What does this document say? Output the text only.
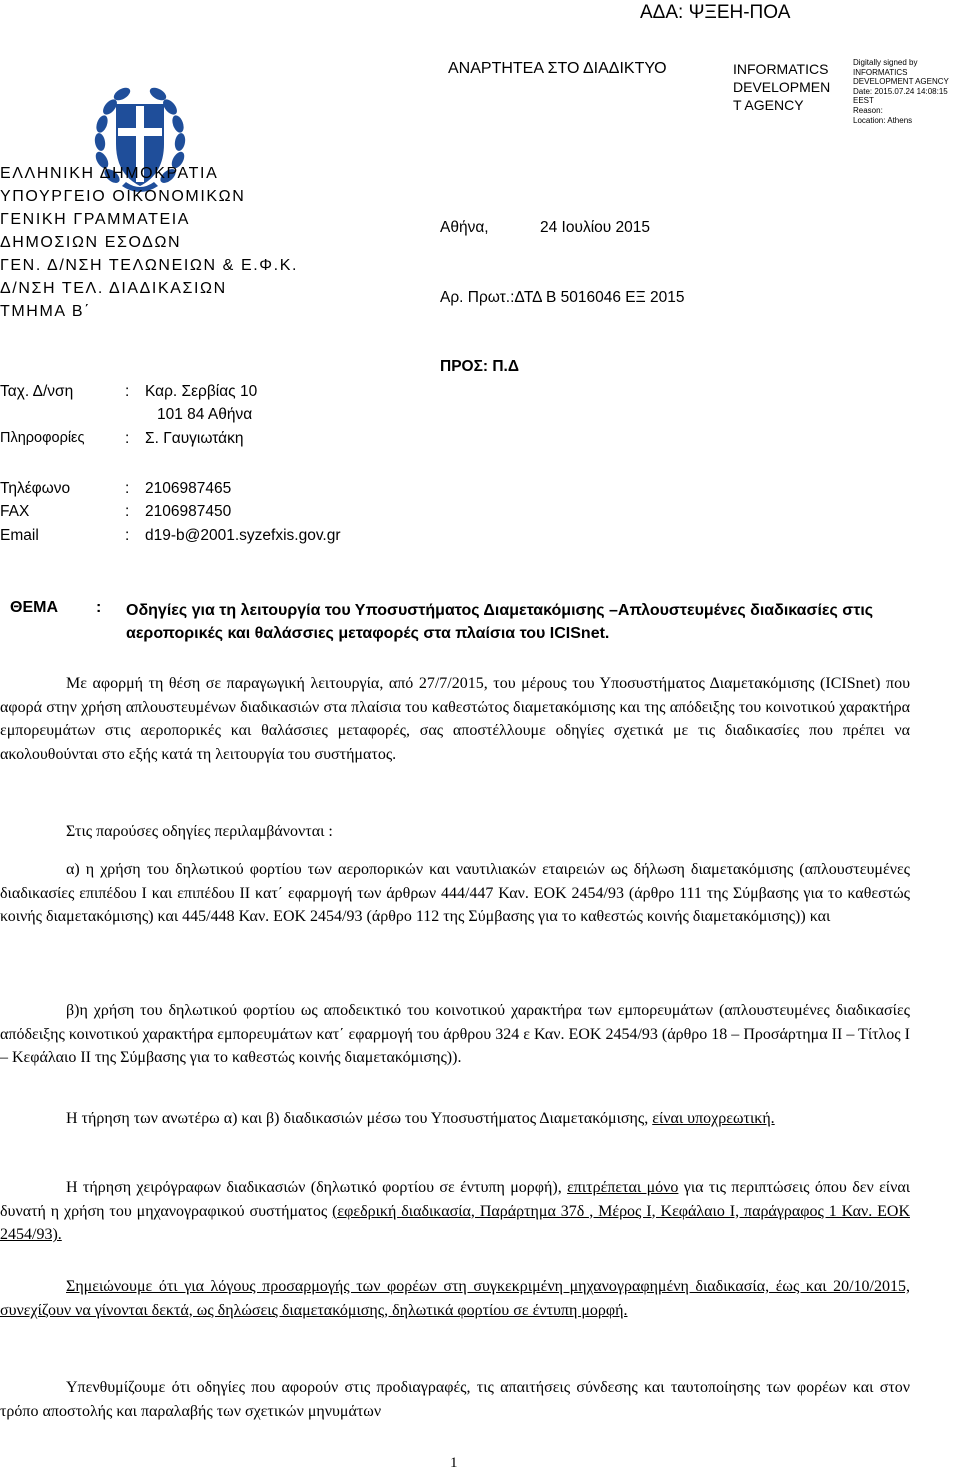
ΑΔΑ: ΨΞΕΗ-ΠΟΑ
ΑΝΑΡΤΗΤΕΑ ΣΤΟ ΔΙΑΔΙΚΤΥΟ	INFORMATICS
DEVELOPMEN
T AGENCY
Digitally signed by
INFORMATICS
DEVELOPMENT AGENCY
Date: 2015.07.24 14:08:15
EEST
Reason:
Location: Athens
ΕΛΛΗΝΙΚΗ ΔΗΜΟΚΡΑΤΙΑ
ΥΠΟΥΡΓΕΙΟ ΟΙΚΟΝΟΜΙΚΩΝ
ΓΕΝΙΚΗ ΓΡΑΜΜΑΤΕΙΑ
ΔΗΜΟΣΙΩΝ ΕΣΟΔΩΝ
ΓΕΝ. Δ/ΝΣΗ ΤΕΛΩΝΕΙΩΝ & Ε.Φ.Κ.
Δ/ΝΣΗ ΤΕΛ. ΔΙΑΔΙΚΑΣΙΩΝ
ΤΜΗΜΑ Β΄
Αθήνα,	24 Ιουλίου 2015
Αρ. Πρωτ.:ΔΤΔ Β 5016046 ΕΞ 2015
ΠΡΟΣ: Π.Δ
Ταχ. Δ/νση	: Καρ. Σερβίας 10
101 84 Αθήνα
Πληροφορίες	: Σ. Γαυγιωτάκη
Τηλέφωνο	: 2106987465
FAX	: 2106987450
Email	: d19-b@2001.syzefxis.gov.gr
ΘΕΜΑ : Οδηγίες για τη λειτουργία του Υποσυστήματος Διαμετακόμισης –Απλουστευμένες διαδικασίες στις αεροπορικές και θαλάσσιες μεταφορές στα πλαίσια του ICISnet.
Με αφορμή τη θέση σε παραγωγική λειτουργία, από 27/7/2015, του μέρους του Υποσυστήματος Διαμετακόμισης (ICISnet) που αφορά στην χρήση απλουστευμένων διαδικασιών στα πλαίσια του καθεστώτος διαμετακόμισης και της απόδειξης του κοινοτικού χαρακτήρα εμπορευμάτων στις αεροπορικές και θαλάσσιες μεταφορές, σας αποστέλλουμε οδηγίες σχετικά με τις διαδικασίες που πρέπει να ακολουθούνται στο εξής κατά τη λειτουργία του συστήματος.
Στις παρούσες οδηγίες περιλαμβάνονται :
α) η χρήση του δηλωτικού φορτίου των αεροπορικών και ναυτιλιακών εταιρειών ως δήλωση διαμετακόμισης (απλουστευμένες διαδικασίες επιπέδου Ι και επιπέδου ΙΙ κατ΄ εφαρμογή των άρθρων 444/447 Καν. ΕΟΚ 2454/93 (άρθρο 111 της Σύμβασης για το καθεστώς κοινής διαμετακόμισης) και 445/448 Καν. ΕΟΚ 2454/93 (άρθρο 112 της Σύμβασης για το καθεστώς κοινής διαμετακόμισης)) και
β)η χρήση του δηλωτικού φορτίου ως αποδεικτικό του κοινοτικού χαρακτήρα των εμπορευμάτων (απλουστευμένες διαδικασίες απόδειξης κοινοτικού χαρακτήρα εμπορευμάτων κατ΄ εφαρμογή του άρθρου 324 ε Καν. ΕΟΚ 2454/93 (άρθρο 18 – Προσάρτημα ΙΙ – Τίτλος Ι – Κεφάλαιο ΙΙ της Σύμβασης για το καθεστώς κοινής διαμετακόμισης)).
Η τήρηση των ανωτέρω α) και β) διαδικασιών μέσω του Υποσυστήματος Διαμετακόμισης, είναι υποχρεωτική.
Η τήρηση χειρόγραφων διαδικασιών (δηλωτικό φορτίου σε έντυπη μορφή), επιτρέπεται μόνο για τις περιπτώσεις όπου δεν είναι δυνατή η χρήση του μηχανογραφικού συστήματος (εφεδρική διαδικασία, Παράρτημα 37δ , Μέρος Ι, Κεφάλαιο Ι, παράγραφος 1 Καν. ΕΟΚ 2454/93).
Σημειώνουμε ότι για λόγους προσαρμογής των φορέων στη συγκεκριμένη μηχανογραφημένη διαδικασία, έως και 20/10/2015, συνεχίζουν να γίνονται δεκτά, ως δηλώσεις διαμετακόμισης, δηλωτικά φορτίου σε έντυπη μορφή.
Υπενθυμίζουμε ότι οδηγίες που αφορούν στις προδιαγραφές, τις απαιτήσεις σύνδεσης και ταυτοποίησης των φορέων και στον τρόπο αποστολής και παραλαβής των σχετικών μηνυμάτων
1
